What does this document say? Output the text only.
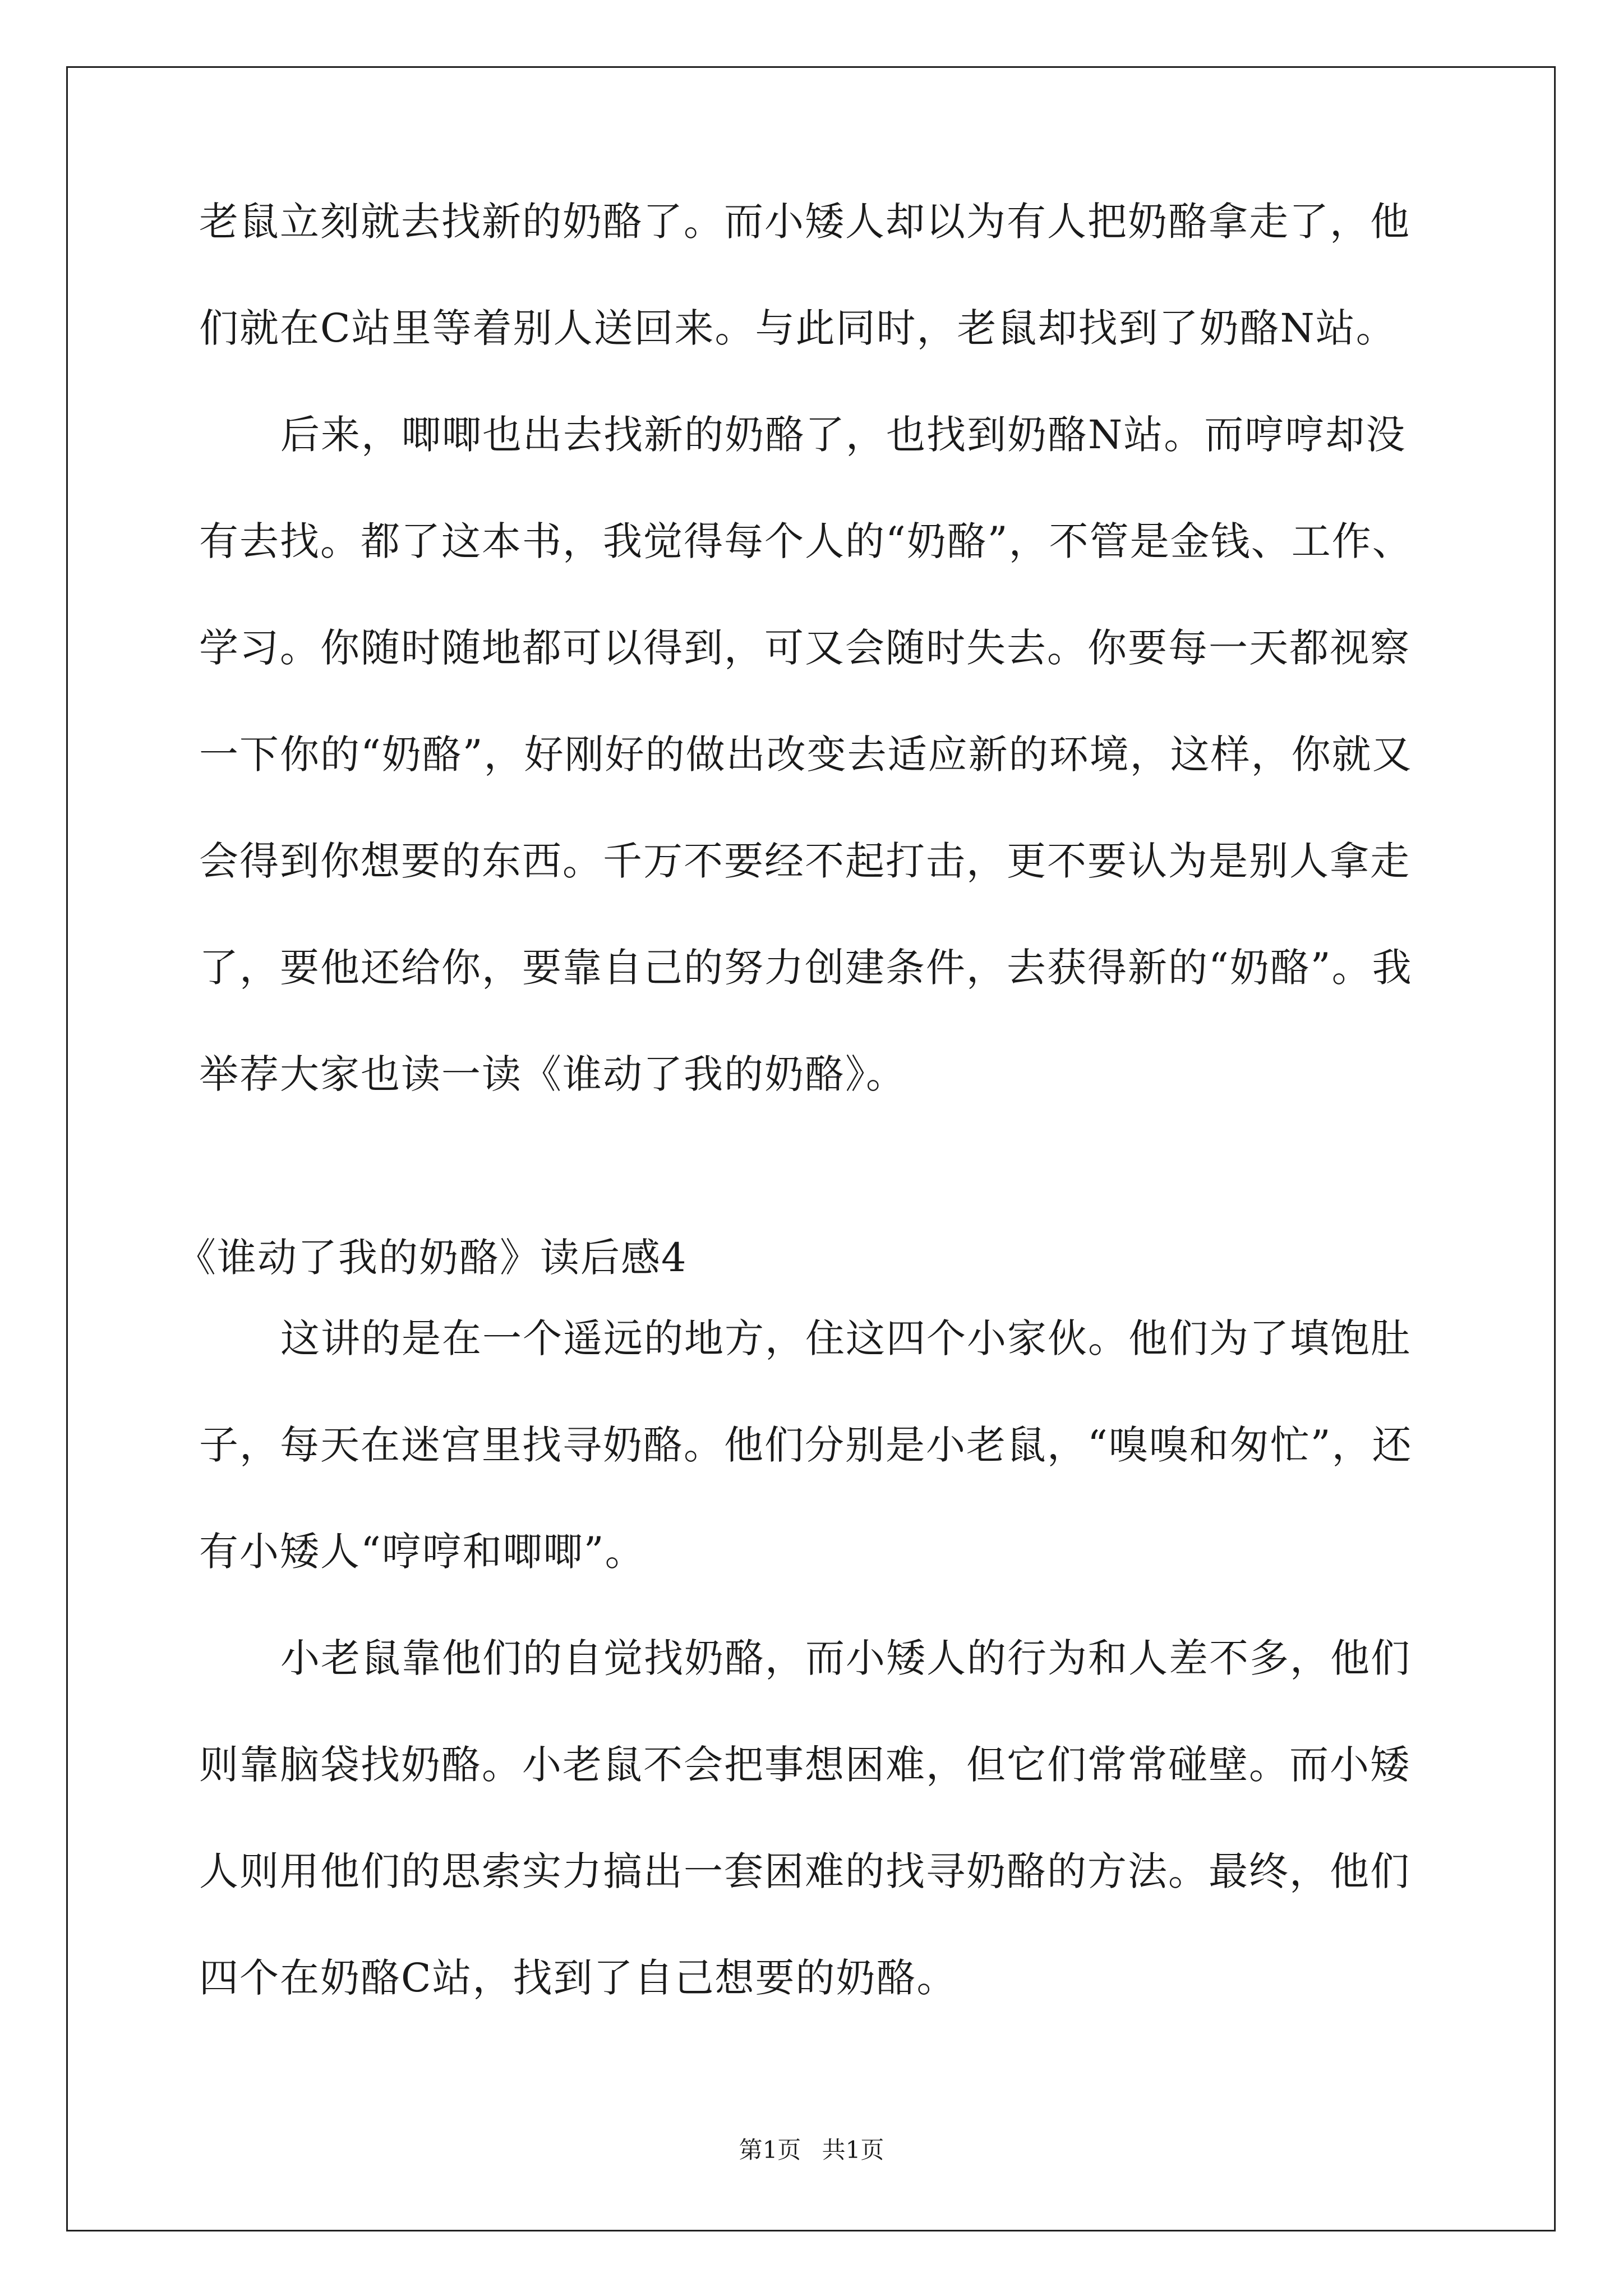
老鼠立刻就去找新的奶酪了。而小矮人却以为有人把奶酪拿走了，他
们就在C站里等着别人送回来。与此同时，老鼠却找到了奶酪N站。
后来，唧唧也出去找新的奶酪了，也找到奶酪N站。而哼哼却没
有去找。都了这本书，我觉得每个人的“奶酪”，不管是金钱、工作、
学习。你随时随地都可以得到，可又会随时失去。你要每一天都视察
一下你的“奶酪”，好刚好的做出改变去适应新的环境，这样，你就又
会得到你想要的东西。千万不要经不起打击，更不要认为是别人拿走
了，要他还给你，要靠自己的努力创建条件，去获得新的“奶酪”。我
举荐大家也读一读《谁动了我的奶酪》。
《谁动了我的奶酪》读后感4
这讲的是在一个遥远的地方，住这四个小家伙。他们为了填饱肚
子，每天在迷宫里找寻奶酪。他们分别是小老鼠，“嗅嗅和匆忙”，还
有小矮人“哼哼和唧唧”。
小老鼠靠他们的自觉找奶酪，而小矮人的行为和人差不多，他们
则靠脑袋找奶酪。小老鼠不会把事想困难，但它们常常碰壁。而小矮
人则用他们的思索实力搞出一套困难的找寻奶酪的方法。最终，他们
四个在奶酪C站，找到了自己想要的奶酪。
第1页 共1页
